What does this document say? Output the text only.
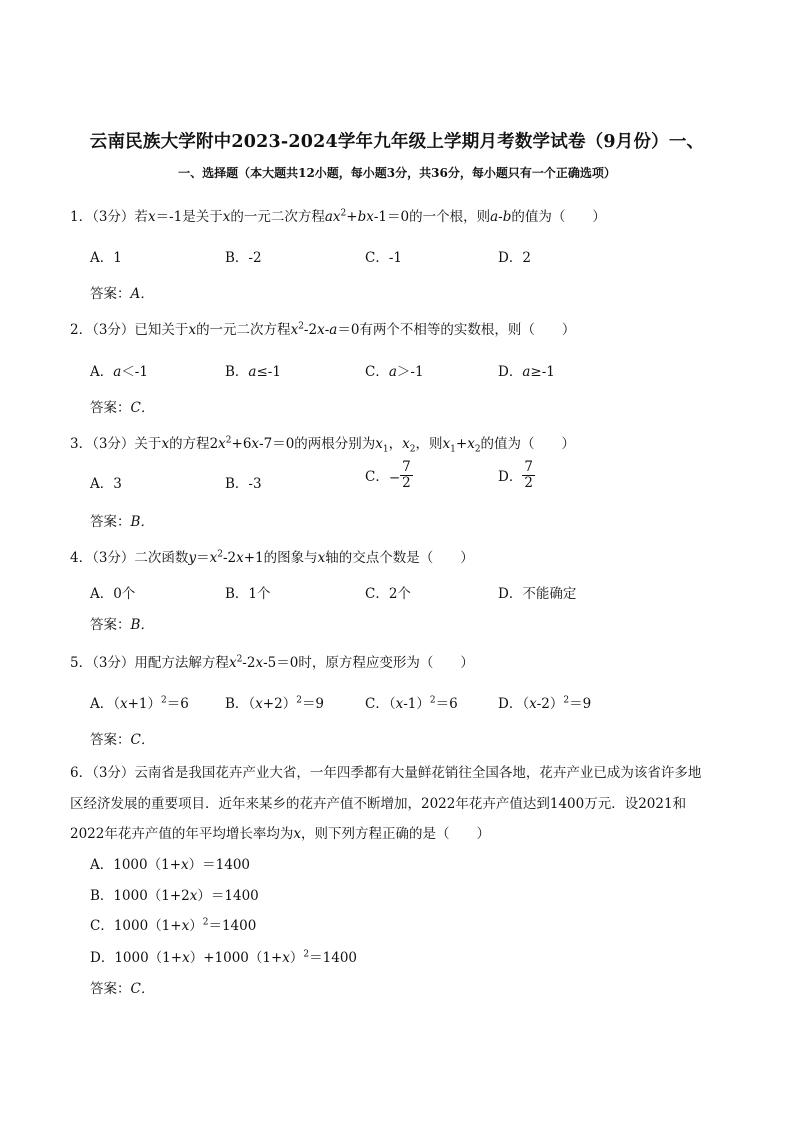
云南民族大学附中2023-2024学年九年级上学期月考数学试卷（9月份）一、
一、选择题（本大题共12小题，每小题3分，共36分，每小题只有一个正确选项）
1．（3分）若x＝-1是关于x的一元二次方程$ax^2+bx-1=0$的一个根，则a-b的值为（　　）
A．1	B．-2	C．-1	D．2
答案：A．
2．（3分）已知关于x的一元二次方程$x^2-2x-a=0$有两个不相等的实数根，则（　　）
A．a＜-1	B．a≤-1	C．a＞-1	D．a≥-1
答案：C．
3．（3分）关于x的方程$2x^2+6x-7=0$的两根分别为$x_1$，$x_2$，则$x_1+x_2$的值为（　　）
A．3	B．-3	C．− $\frac{7}{2}$	D． $\frac{7}{2}$
答案：B．
4．（3分）二次函数$y=x^2-2x+1$的图象与x轴的交点个数是（　　）
A．0个	B．1个	C．2个	D．不能确定
答案：B．
5．（3分）用配方法解方程$x^2-2x-5=0$时，原方程应变形为（　　）
A．$(x+1)^2=6$	B．$(x+2)^2=9$	C．$(x-1)^2=6$	D．$(x-2)^2=9$
答案：C．
6．（3分）云南省是我国花卉产业大省，一年四季都有大量鲜花销往全国各地，花卉产业已成为该省许多地
区经济发展的重要项目．近年来某乡的花卉产值不断增加，2022年花卉产值达到1400万元．设2021和
2022年花卉产值的年平均增长率均为x，则下列方程正确的是（　　）
A．1000（1+x）＝1400
B．1000（1+2x）＝1400
C．$1000(1+x)^2=1400$
D．$1000(1+x)+1000(1+x)^2=1400$
答案：C．
